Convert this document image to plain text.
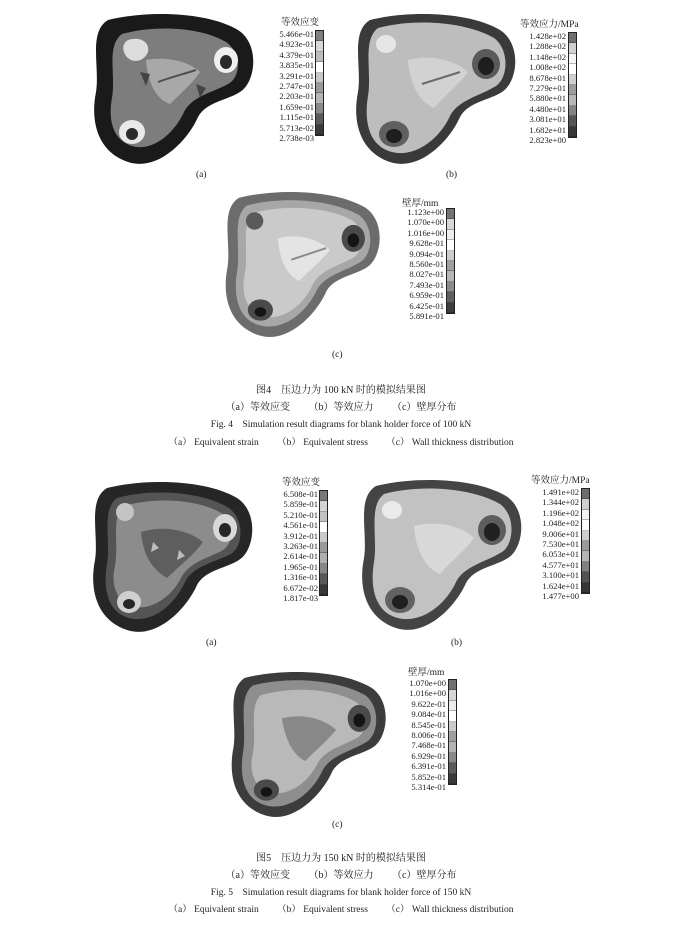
等效应变
5.466e-01
4.923e-01
4.379e-01
3.835e-01
3.291e-01
2.747e-01
2.203e-01
1.659e-01
1.115e-01
5.713e-02
2.738e-03
(a)
等效应力/MPa
1.428e+02
1.288e+02
1.148e+02
1.008e+02
8.678e+01
7.279e+01
5.880e+01
4.480e+01
3.081e+01
1.682e+01
2.823e+00
(b)
壁厚/mm
1.123e+00
1.070e+00
1.016e+00
9.628e-01
9.094e-01
8.560e-01
8.027e-01
7.493e-01
6.959e-01
6.425e-01
5.891e-01
(c)
图4　压边力为 100 kN 时的模拟结果图
（a）等效应变 （b）等效应力 （c）壁厚分布
Fig. 4　Simulation result diagrams for blank holder force of 100 kN
（a） Equivalent strain （b） Equivalent stress （c） Wall thickness distribution
等效应变
6.508e-01
5.859e-01
5.210e-01
4.561e-01
3.912e-01
3.263e-01
2.614e-01
1.965e-01
1.316e-01
6.672e-02
1.817e-03
(a)
等效应力/MPa
1.491e+02
1.344e+02
1.196e+02
1.048e+02
9.006e+01
7.530e+01
6.053e+01
4.577e+01
3.100e+01
1.624e+01
1.477e+00
(b)
壁厚/mm
1.070e+00
1.016e+00
9.622e-01
9.084e-01
8.545e-01
8.006e-01
7.468e-01
6.929e-01
6.391e-01
5.852e-01
5.314e-01
(c)
图5　压边力为 150 kN 时的模拟结果图
（a）等效应变 （b）等效应力 （c）壁厚分布
Fig. 5　Simulation result diagrams for blank holder force of 150 kN
（a） Equivalent strain （b） Equivalent stress （c） Wall thickness distribution
